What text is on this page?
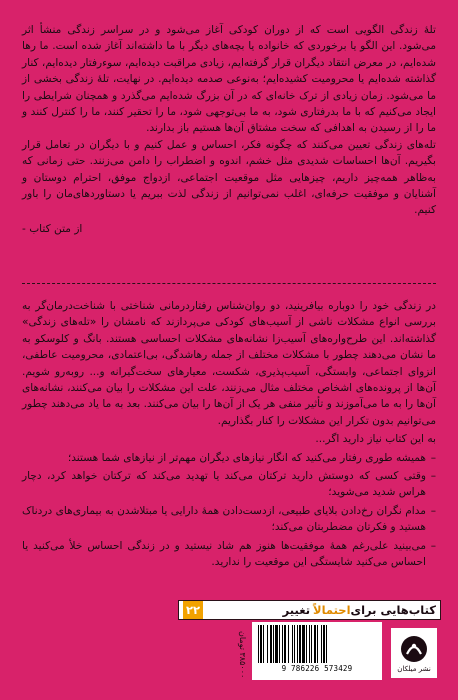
تلهٔ زندگی الگویی است که از دوران کودکی آغاز می‌شود و در سراسر زندگی منشأ اثر می‌شود. این الگو یا برخوردی که خانواده یا بچه‌های دیگر با ما داشته‌اند آغاز شده است. ما رها شده‌ایم، در معرض انتقاد دیگران قرار گرفته‌ایم، زیادی مراقبت دیده‌ایم، سوءرفتار دیده‌ایم، کنار گذاشته شده‌ایم یا محرومیت کشیده‌ایم؛ به‌نوعی صدمه دیده‌ایم. در نهایت، تلهٔ زندگی بخشی از ما می‌شود. زمان زیادی از ترک خانه‌ای که در آن بزرگ شده‌ایم می‌گذرد و همچنان شرایطی را ایجاد می‌کنیم که با ما بدرفتاری شود، به ما بی‌توجهی شود، ما را تحقیر کنند، ما را کنترل کنند و ما را از رسیدن به اهدافی که سخت مشتاق آن‌ها هستیم باز بدارند.
تله‌های زندگی تعیین می‌کنند که چگونه فکر، احساس و عمل کنیم و با دیگران در تعامل قرار بگیریم. آن‌ها احساسات شدیدی مثل خشم، اندوه و اضطراب را دامن می‌زنند. حتی زمانی که به‌ظاهر همه‌چیز داریم، چیزهایی مثل موقعیت اجتماعی، ازدواج موفق، احترام دوستان و آشنایان و موفقیت حرفه‌ای، اغلب نمی‌توانیم از زندگی لذت ببریم یا دستاوردهای‌مان را باور کنیم.
- از متن کتاب
در زندگی خود را دوباره بیافرینید، دو روان‌شناس رفتاردرمانی شناختی با شناخت‌درمان‌گر به بررسی انواع مشکلات ناشی از آسیب‌های کودکی می‌پردازند که نامشان را «تله‌های زندگی» گذاشته‌اند. این طرح‌واره‌های آسیب‌زا نشانه‌های مشکلات احساسی هستند. بانگ و کلوسکو به ما نشان می‌دهند چطور با مشکلات مختلف از جمله رهاشدگی، بی‌اعتمادی، محرومیت عاطفی، انزوای اجتماعی، وابستگی، آسیب‌پذیری، شکست، معیارهای سخت‌گیرانه و... روبه‌رو شویم. آن‌ها از پرونده‌های اشخاص مختلف مثال می‌زنند، علت این مشکلات را بیان می‌کنند، نشانه‌های آن‌ها را به ما می‌آموزند و تأثیر منفی هر یک از آن‌ها را بیان می‌کنند. بعد به ما یاد می‌دهند چطور می‌توانیم بدون تکرار این مشکلات را کنار بگذاریم.
به این کتاب نیاز دارید اگر...
– همیشه طوری رفتار می‌کنید که انگار نیازهای دیگران مهم‌تر از نیازهای شما هستند؛
– وقتی کسی که دوستش دارید ترکتان می‌کند یا تهدید می‌کند که ترکتان خواهد کرد، دچار هراس شدید می‌شوید؛
– مدام نگران رخ‌دادن بلایای طبیعی، ازدست‌دادن همهٔ دارایی یا مبتلاشدن به بیماری‌های دردناک هستید و فکرتان مضطربتان می‌کند؛
– می‌بینید علی‌رغم همهٔ موفقیت‌ها هنوز هم شاد نیستید و در زندگی احساس خلأ می‌کنید یا احساس می‌کنید شایستگی این موقعیت را ندارید.
کتاب‌هایی برای
احتمالاً
تغییر
۲۲
۳۸۵۰۰۰ تومان	9 786226 573429	نشر میلکان
